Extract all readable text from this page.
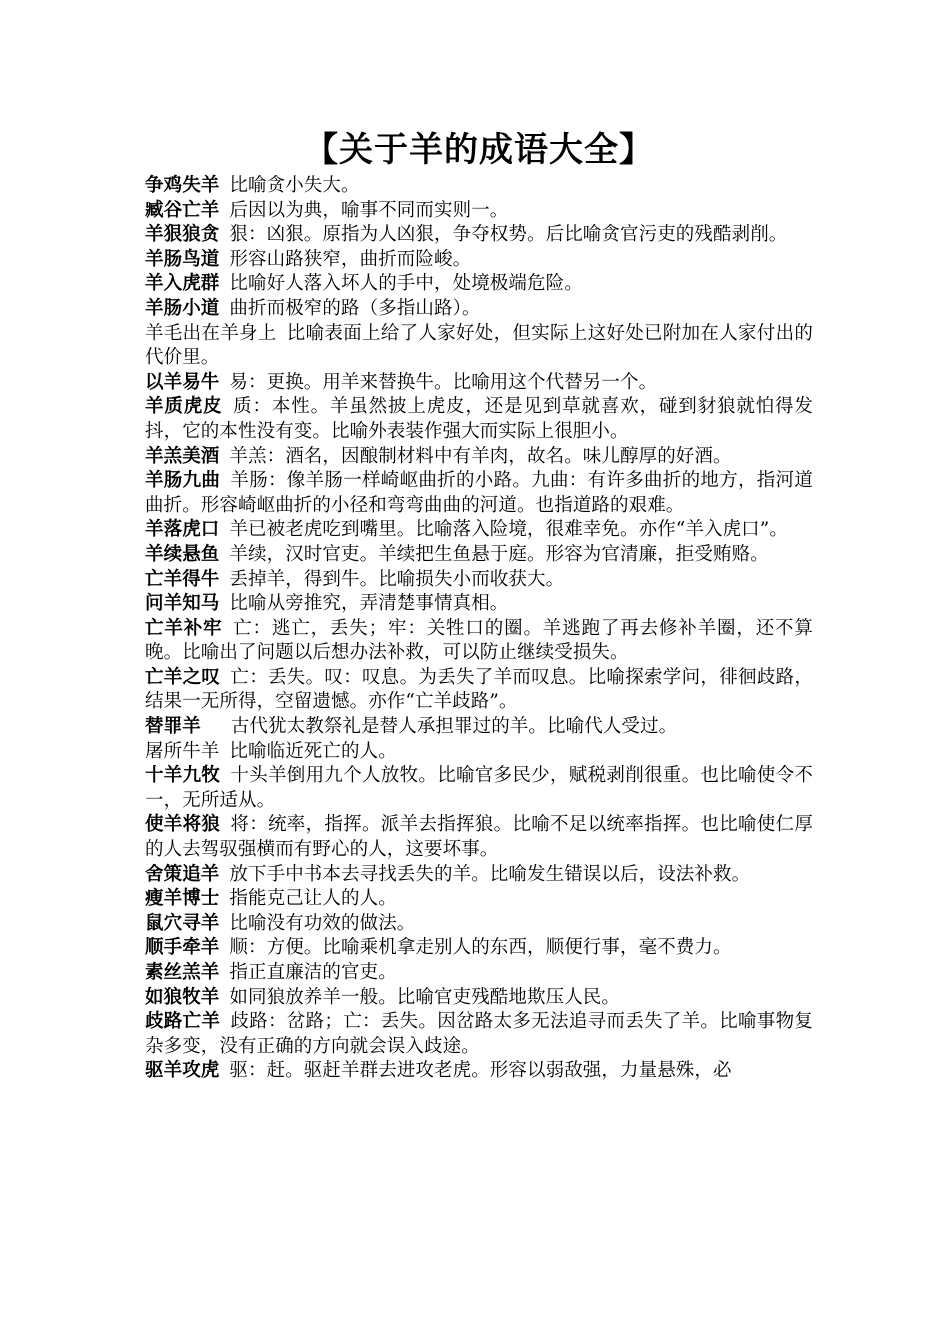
【关于羊的成语大全】

争鸡失羊 比喻贪小失大。

臧谷亡羊 后因以为典，喻事不同而实则一。

羊狠狼贪 狠：凶狠。原指为人凶狠，争夺权势。后比喻贪官污吏的残酷剥削。

羊肠鸟道 形容山路狭窄，曲折而险峻。

羊入虎群 比喻好人落入坏人的手中，处境极端危险。

羊肠小道 曲折而极窄的路（多指山路）。

羊毛出在羊身上 比喻表面上给了人家好处，但实际上这好处已附加在人家付出的代价里。

以羊易牛 易：更换。用羊来替换牛。比喻用这个代替另一个。

羊质虎皮 质：本性。羊虽然披上虎皮，还是见到草就喜欢，碰到豺狼就怕得发抖，它的本性没有变。比喻外表装作强大而实际上很胆小。

羊羔美酒 羊羔：酒名，因酿制材料中有羊肉，故名。味儿醇厚的好酒。

羊肠九曲 羊肠：像羊肠一样崎岖曲折的小路。九曲：有许多曲折的地方，指河道曲折。形容崎岖曲折的小径和弯弯曲曲的河道。也指道路的艰难。

羊落虎口 羊已被老虎吃到嘴里。比喻落入险境，很难幸免。亦作“羊入虎口”。

羊续悬鱼 羊续，汉时官吏。羊续把生鱼悬于庭。形容为官清廉，拒受贿赂。

亡羊得牛 丢掉羊，得到牛。比喻损失小而收获大。

问羊知马 比喻从旁推究，弄清楚事情真相。

亡羊补牢 亡：逃亡，丢失；牢：关牲口的圈。羊逃跑了再去修补羊圈，还不算晚。比喻出了问题以后想办法补救，可以防止继续受损失。

亡羊之叹 亡：丢失。叹：叹息。为丢失了羊而叹息。比喻探索学问，徘徊歧路，结果一无所得，空留遗憾。亦作“亡羊歧路”。

替罪羊 古代犹太教祭礼是替人承担罪过的羊。比喻代人受过。

屠所牛羊 比喻临近死亡的人。

十羊九牧 十头羊倒用九个人放牧。比喻官多民少，赋税剥削很重。也比喻使令不一，无所适从。

使羊将狼 将：统率，指挥。派羊去指挥狼。比喻不足以统率指挥。也比喻使仁厚的人去驾驭强横而有野心的人，这要坏事。

舍策追羊 放下手中书本去寻找丢失的羊。比喻发生错误以后，设法补救。

瘦羊博士 指能克己让人的人。

鼠穴寻羊 比喻没有功效的做法。

顺手牵羊 顺：方便。比喻乘机拿走别人的东西，顺便行事，毫不费力。

素丝羔羊 指正直廉洁的官吏。

如狼牧羊 如同狼放养羊一般。比喻官吏残酷地欺压人民。

歧路亡羊 歧路：岔路；亡：丢失。因岔路太多无法追寻而丢失了羊。比喻事物复杂多变，没有正确的方向就会误入歧途。

驱羊攻虎 驱：赶。驱赶羊群去进攻老虎。形容以弱敌强，力量悬殊，必
